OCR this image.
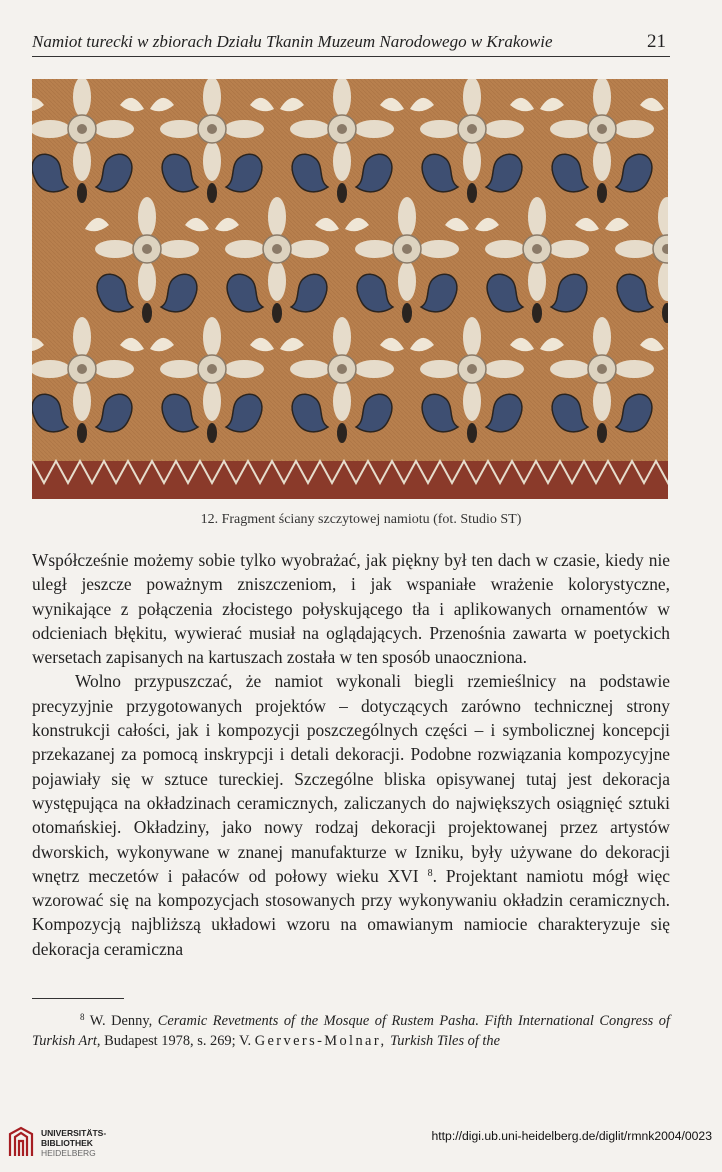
Namiot turecki w zbiorach Działu Tkanin Muzeum Narodowego w Krakowie	21
12. Fragment ściany szczytowej namiotu (fot. Studio ST)

Współcześnie możemy sobie tylko wyobrażać, jak piękny był ten dach w czasie, kiedy nie uległ jeszcze poważnym zniszczeniom, i jak wspaniałe wrażenie kolorystyczne, wynikające z połączenia złocistego połyskującego tła i aplikowanych ornamentów w odcieniach błękitu, wywierać musiał na oglądających. Przenośnia zawarta w poetyckich wersetach zapisanych na kartuszach została w ten sposób unaoczniona.

Wolno przypuszczać, że namiot wykonali biegli rzemieślnicy na podstawie precyzyjnie przygotowanych projektów – dotyczących zarówno technicznej strony konstrukcji całości, jak i kompozycji poszczególnych części – i symbolicznej koncepcji przekazanej za pomocą inskrypcji i detali dekoracji. Podobne rozwiązania kompozycyjne pojawiały się w sztuce tureckiej. Szczególne bliska opisywanej tutaj jest dekoracja występująca na okładzinach ceramicznych, zaliczanych do największych osiągnięć sztuki otomańskiej. Okładziny, jako nowy rodzaj dekoracji projektowanej przez artystów dworskich, wykonywane w znanej manufakturze w Izniku, były używane do dekoracji wnętrz meczetów i pałaców od połowy wieku XVI $^8$. Projektant namiotu mógł więc wzorować się na kompozycjach stosowanych przy wykonywaniu okładzin ceramicznych. Kompozycją najbliższą układowi wzoru na omawianym namiocie charakteryzuje się dekoracja ceramiczna

$^8$ W. Denny, Ceramic Revetments of the Mosque of Rustem Pasha. Fifth International Congress of Turkish Art, Budapest 1978, s. 269; V. Gervers-Molnar, Turkish Tiles of the
UNIVERSITÄTS-
BIBLIOTHEK
HEIDELBERG
http://digi.ub.uni-heidelberg.de/diglit/rmnk2004/0023
